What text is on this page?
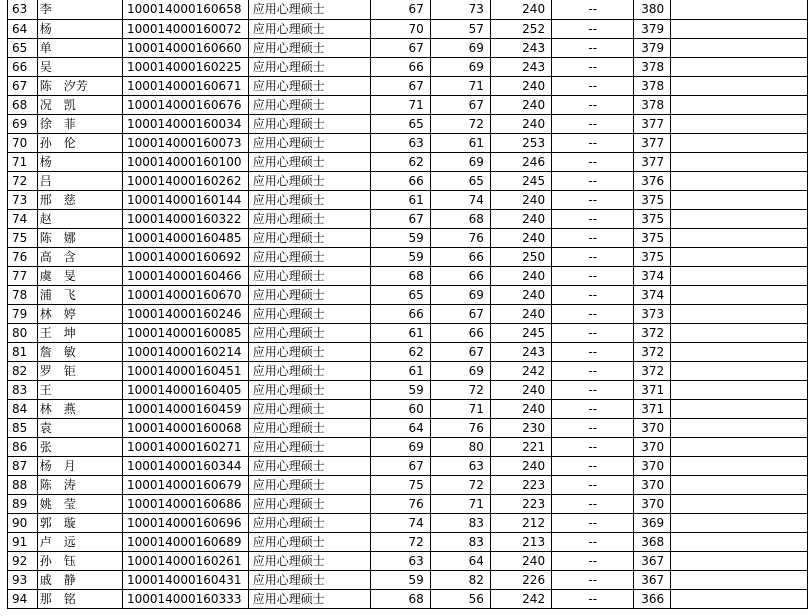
63	李	100014000160658	应用心理硕士	67	73	240	--	380	
64	杨	100014000160072	应用心理硕士	70	57	252	--	379	
65	单	100014000160660	应用心理硕士	67	69	243	--	379	
66	吴	100014000160225	应用心理硕士	66	69	243	--	378	
67	陈　汐芳	100014000160671	应用心理硕士	67	71	240	--	378	
68	况　凯	100014000160676	应用心理硕士	71	67	240	--	378	
69	徐　菲	100014000160034	应用心理硕士	65	72	240	--	377	
70	孙　伦	100014000160073	应用心理硕士	63	61	253	--	377	
71	杨	100014000160100	应用心理硕士	62	69	246	--	377	
72	吕	100014000160262	应用心理硕士	66	65	245	--	376	
73	邢　慈	100014000160144	应用心理硕士	61	74	240	--	375	
74	赵	100014000160322	应用心理硕士	67	68	240	--	375	
75	陈　娜	100014000160485	应用心理硕士	59	76	240	--	375	
76	高　含	100014000160692	应用心理硕士	59	66	250	--	375	
77	虞　旻	100014000160466	应用心理硕士	68	66	240	--	374	
78	浦　飞	100014000160670	应用心理硕士	65	69	240	--	374	
79	林　婷	100014000160246	应用心理硕士	66	67	240	--	373	
80	王　坤	100014000160085	应用心理硕士	61	66	245	--	372	
81	詹　敏	100014000160214	应用心理硕士	62	67	243	--	372	
82	罗　钜	100014000160451	应用心理硕士	61	69	242	--	372	
83	王	100014000160405	应用心理硕士	59	72	240	--	371	
84	林　燕	100014000160459	应用心理硕士	60	71	240	--	371	
85	袁	100014000160068	应用心理硕士	64	76	230	--	370	
86	张	100014000160271	应用心理硕士	69	80	221	--	370	
87	杨　月	100014000160344	应用心理硕士	67	63	240	--	370	
88	陈　涛	100014000160679	应用心理硕士	75	72	223	--	370	
89	姚　莹	100014000160686	应用心理硕士	76	71	223	--	370	
90	郭　璇	100014000160696	应用心理硕士	74	83	212	--	369	
91	卢　远	100014000160689	应用心理硕士	72	83	213	--	368	
92	孙　钰	100014000160261	应用心理硕士	63	64	240	--	367	
93	戚　静	100014000160431	应用心理硕士	59	82	226	--	367	
94	那　铭	100014000160333	应用心理硕士	68	56	242	--	366	
